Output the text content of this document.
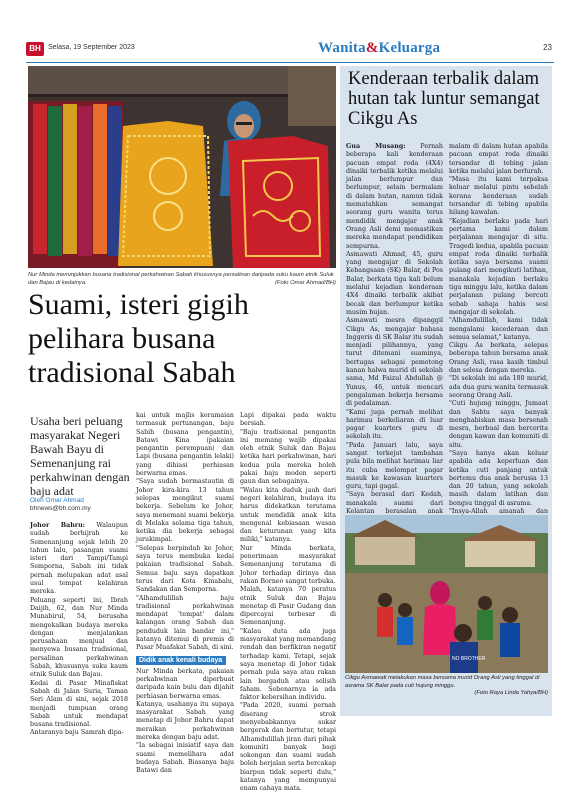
BH	Selasa, 19 September 2023	Wanita&Keluarga	23
Nur Minda menunjukkan busana tradisional perkahwinan Sabah khususnya persalinan daripada suku kaum etnik Suluk dan Bajau di kedainya.	(Foto Omar Ahmad/BH)
Suami, isteri gigih pelihara busana tradisional Sabah
Usaha beri peluang masyarakat Negeri Bawah Bayu di Semenanjung rai perkahwinan dengan baju adat
Oleh Omar Ahmad
bhnews@bh.com.my

Johor Bahru: Walaupun sudah berhijrah ke Semenanjung sejak lebih 20 tahun lalu, pasangan suami isteri dari Tampi/Tampi Semporna, Sabah ini tidak pernah melupakan adat asal usul tempat kelahiran mereka.

Peluang seperti ini, Ibrah Daijih, 62, dan Nur Minda Munabirul, 54, berusaha mengekalkan budaya mereka dengan menjalankan perusahaan menjual dan menyewa busana tradisional, persalinan perkahwinan Sabah, khususnya suku kaum etnik Suluk dan Bajau.

Kedai di Pasar Minafiskat Sabah di Jalan Suria, Taman Seri Alam di sini, sejak 2018 menjadi tumpuan orang Sabah untuk mendapat busana tradisional.

Antaranya baju Samrah dipa-

kai untuk majlis keramaian termasuk pertunangan, baju Sabih (busana pengantin), Batawi Kina (pakaian pengantin perempuan) dan Lapi (busana pengantin lelaki) yang dihiasi perhiasan berwarna emas.

"Saya sudah bermastautin di Johor kira-kira 13 tahun selepas mengikut suami bekerja. Sebelum ke Johor, saya menemani suami bekerja di Melaka selama tiga tahun, ketika dia bekerja sebagai jurukimpal.

"Selepas berpindah ke Johor, saya terus membuka kedai pakaian tradisional Sabah. Semua baju saya dapatkan terus dari Kota Kinabalu, Sandakan dan Semporna.

"Alhamdulillah baju tradisional perkahwinan mendapat 'tempat' dalam kalangan orang Sabah dan penduduk lain bandar ini," katanya ditemui di premis di Pasar Muafakat Sabah, di sini.

Didik anak kenali budaya

Nur Minda berkata, pakaian perkahwinan diperbuat daripada kain bulu dan dijahit perhiasan berwarna emas.

Katanya, usahanya itu supaya masyarakat Sabah yang menetap di Johor Bahru dapat meraikan perkahwinan mereka dengan baju adat.

"Ia sebagai inisiatif saya dan suami memelihara adat budaya Sabah. Biasanya baju Batawi dan

Lapi dipakai pada waktu bersiah.

"Baju tradisional pengantin ini memang wajib dipakai oleh etnik Suluk dan Bajau ketika hari perkahwinan, hari kedua pula mereka boleh pakai baju moden seperti gaun dan sebagainya.

"Walau kita duduk jauh dari negeri kelahiran, budaya itu harus didekatkan terutama untuk mendidik anak kita mengenal kebiasaan wasan dan keturunan yang kita miliki," katanya.

Nur Minda berkata, penerimaan masyarakat Semenanjung terutama di Johor terhadap dirinya dan rakan Borneo sangat terbuka.

Malah, katanya 70 peratus etnik Suluk dan Bajau menetap di Pasir Gudang dan dipercayai terbesar di Semenanjung.

"Kalau duta ada juga masyarakat yang memandang rendah dan berfikiran negatif terhadap kami. Tetapi, sejak saya menetap di Johor tidak pernah pula saya atau rakan lain bergaduh atau selisih faham. Sebenarnya ia ada faktor kebersihan individu.

"Pada 2020, suami pernah diserang strok menyebabkannya sukar bergerak dan bertutur, tetapi Alhamdulillah jiran dari pihak komuniti banyak bagi sokongan dan suami sudah boleh berjalan serta bercakap biarpun tidak seperti dulu," katanya yang mempunyai enam cahaya mata.

Kenderaan terbalik dalam hutan tak luntur semangat Cikgu As

Gua Musang: Pernah beberapa kali kenderaan pacuan empat roda (4X4) dinaiki terbalik ketika melalui jalan berlumpur dan berlumpur, selain bermalam di dalam hutan, namun tidak mematahkan semangat seorang guru wanita terus mendidik mengajar anak Orang Asli demi memastikan mereka mendapat pendidikan sempurna.

Asmawati Ahmad, 45, guru yang mengajar di Sekolah Kebangsaan (SK) Balar, di Pos Balar, berkata tiga kali belum melalui kejadian kenderaan 4X4 dinaiki terbalik akibat becak dan berlumpur ketika musim hujan.

Asmawati mesra dipanggil Cikgu As, mengajar bahasa Inggeris di SK Balar itu sudah menjadi pilihannya, yang turut ditemani suaminya, bertugas sebagai pemotong kanan halwa murid di sekolah sama, Md Faizul Abdullah @ Yunus, 46, untuk mencari pengalaman bekerja bersama di pedalaman.

"Kami juga pernah melihat harimau berkeliaran di luar pagar kuarters guru di sekolah itu.

"Pada Januari lalu, saya sangat terkejut tambahan pula bila melihat harimau liar itu cuba melompat pagar masuk ke kawasan kuarters guru, tapi gagal.

"Saya berasal dari Kedah, manakala suami dari Kelantan berasalan anak

malam di dalam hutan apabila pacuan empat roda dinaiki tersandar di tebing jalan ketika melalui jalan berlurah.

"Masa itu kami terpaksa keluar melalui pintu sebelah kerana kenderaan sudah tersandar di tebing apabila hilang kawalan.

"Kejadian berlaku pada hari pertama kami dalam perjalanan mengajar di situ. Tragedi kedua, apabila pacuan empat roda dinaiki terbalik ketika saya bersama suami pulang dari mengikuti latihan, manakala kejadian berlaku tiga minggu lalu, ketika dalam perjalanan pulang bercuti sebab sahaja habis sesi mengajar di sekolah.

"Alhamdulillah, kami tidak mengalami kecederaan dan semua selamat," katanya.

Cikgu As berkata, selepas beberapa tahun bersama anak Orang Asli, rasa kasih timbul dan selesa dengan mereka.

"Di sekolah ini ada 180 murid, ada dua guru wanita termasuk seorang Orang Asli.

"Cuti hujung minggu, Jumaat dan Sabtu saya banyak menghabiskan masa bersenah mesra, berbual dan bercerita dengan kawan dan komuniti di situ.

"Saya hanya akan keluar apabila ada keperluan dan ketika cuti panjang untuk bertemu dua anak berusia 13 dan 20 tahun, yang sekolah masih dalam latihan dan bongsu tinggal di asrama.

"Insya-Allah amanah dan

NO BROTHER
Cikgu Asmawati melakukan masa bersama murid Orang Asli yang tinggal di asrama SK Balar pada cuti hujung minggu.
(Foto Raya Linda Yahya/BH)
